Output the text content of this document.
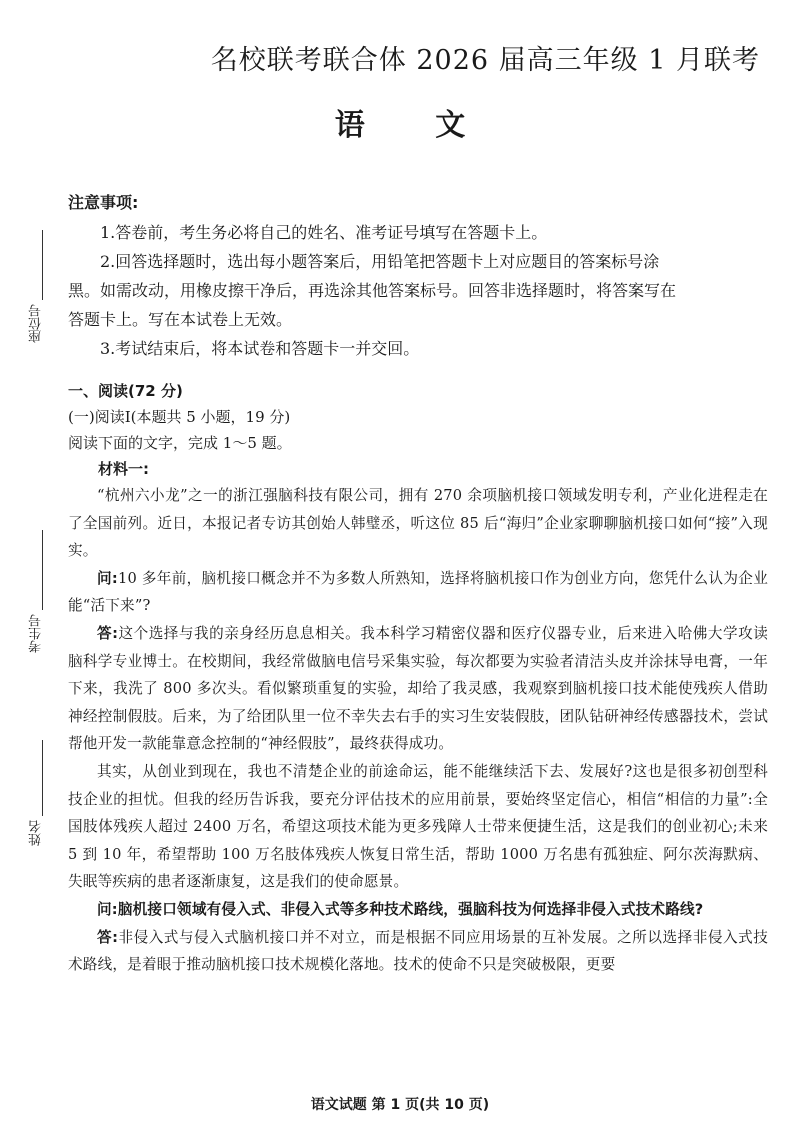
名校联考联合体 2026 届高三年级 1 月联考
语 文
座位号
考生号
姓名
注意事项:
1.答卷前，考生务必将自己的姓名、准考证号填写在答题卡上。
2.回答选择题时，选出每小题答案后，用铅笔把答题卡上对应题目的答案标号涂黑。如需改动，用橡皮擦干净后，再选涂其他答案标号。回答非选择题时，将答案写在答题卡上。写在本试卷上无效。
3.考试结束后，将本试卷和答题卡一并交回。
一、阅读(72 分)
(一)阅读Ⅰ(本题共 5 小题，19 分)
阅读下面的文字，完成 1～5 题。
材料一:

“杭州六小龙”之一的浙江强脑科技有限公司，拥有 270 余项脑机接口领域发明专利，产业化进程走在了全国前列。近日，本报记者专访其创始人韩璧丞，听这位 85 后“海归”企业家聊聊脑机接口如何“接”入现实。

问:10 多年前，脑机接口概念并不为多数人所熟知，选择将脑机接口作为创业方向，您凭什么认为企业能“活下来”?

答:这个选择与我的亲身经历息息相关。我本科学习精密仪器和医疗仪器专业，后来进入哈佛大学攻读脑科学专业博士。在校期间，我经常做脑电信号采集实验，每次都要为实验者清洁头皮并涂抹导电膏，一年下来，我洗了 800 多次头。看似繁琐重复的实验，却给了我灵感，我观察到脑机接口技术能使残疾人借助神经控制假肢。后来，为了给团队里一位不幸失去右手的实习生安装假肢，团队钻研神经传感器技术，尝试帮他开发一款能靠意念控制的“神经假肢”，最终获得成功。

其实，从创业到现在，我也不清楚企业的前途命运，能不能继续活下去、发展好?这也是很多初创型科技企业的担忧。但我的经历告诉我，要充分评估技术的应用前景，要始终坚定信心，相信“相信的力量”:全国肢体残疾人超过 2400 万名，希望这项技术能为更多残障人士带来便捷生活，这是我们的创业初心;未来 5 到 10 年，希望帮助 100 万名肢体残疾人恢复日常生活，帮助 1000 万名患有孤独症、阿尔茨海默病、失眠等疾病的患者逐渐康复，这是我们的使命愿景。

问:脑机接口领域有侵入式、非侵入式等多种技术路线，强脑科技为何选择非侵入式技术路线?

答:非侵入式与侵入式脑机接口并不对立，而是根据不同应用场景的互补发展。之所以选择非侵入式技术路线，是着眼于推动脑机接口技术规模化落地。技术的使命不只是突破极限，更要

语文试题 第 1 页(共 10 页)
